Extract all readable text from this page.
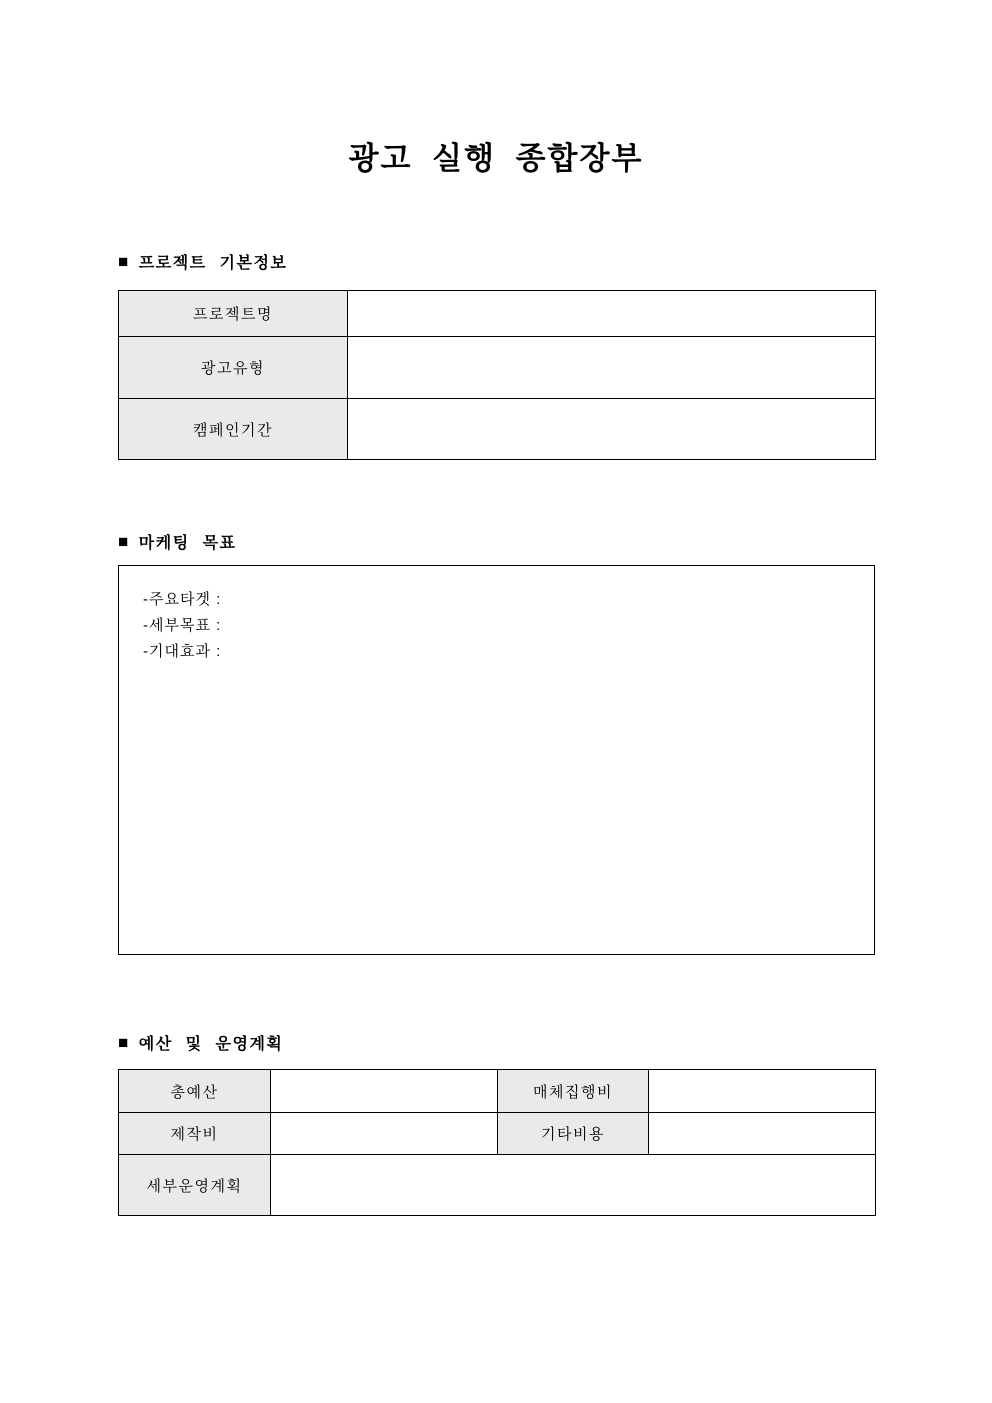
광고 실행 종합장부
■ 프로젝트 기본정보
프로젝트명	
광고유형	
캠페인기간	
■ 마케팅 목표
-주요타겟 :
-세부목표 :
-기대효과 :
■ 예산 및 운영계획
총예산		매체집행비	
제작비		기타비용	
세부운영계획			
